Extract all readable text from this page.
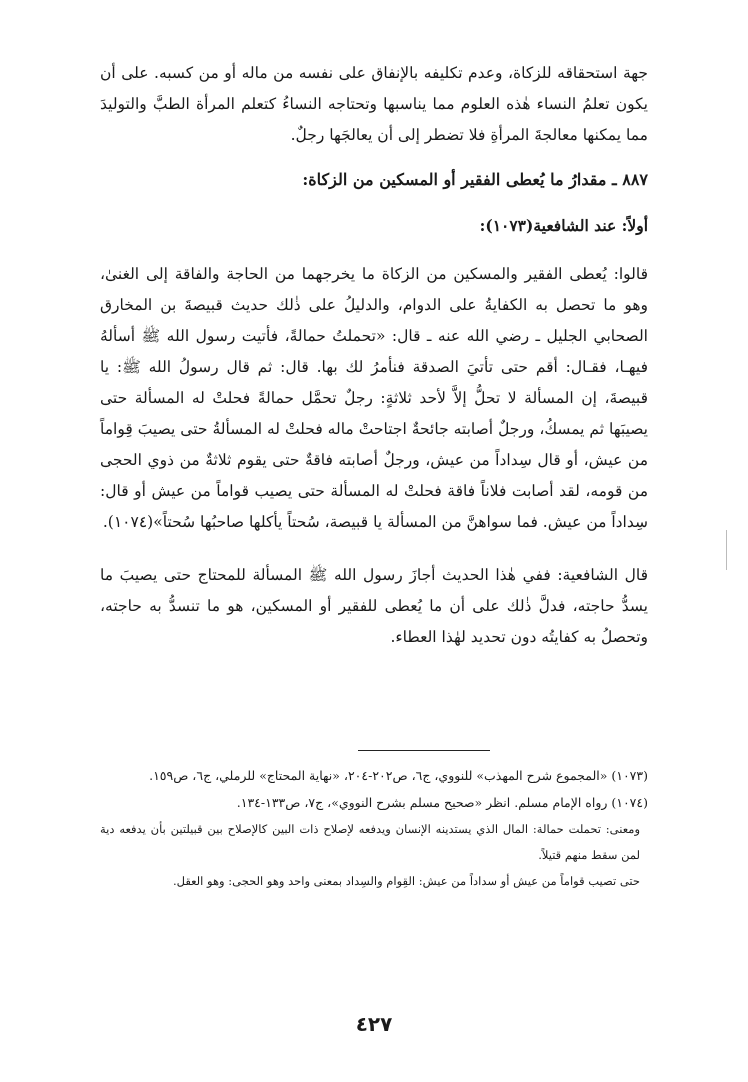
جهة استحقاقه للزكاة، وعدم تكليفه بالإنفاق على نفسه من ماله أو من كسبه. على أن يكون تعلمُ النساء هٰذه العلوم مما يناسبها وتحتاجه النساءُ كتعلم المرأة الطبَّ والتوليدَ مما يمكنها معالجةَ المرأةِ فلا تضطر إلى أن يعالجَها رجلٌ.

٨٨٧ ـ مقدارُ ما يُعطى الفقير أو المسكين من الزكاة:

أولاً: عند الشافعية(١٠٧٣):

قالوا: يُعطى الفقير والمسكين من الزكاة ما يخرجهما من الحاجة والفاقة إلى الغنىٰ، وهو ما تحصل به الكفايةُ على الدوام، والدليلُ على ذٰلك حديث قبيصةَ بن المخارق الصحابي الجليل ـ رضي الله عنه ـ قال: «تحملتُ حمالةً، فأتيت رسول الله ﷺ أسألهُ فيهـا، فقـال: أقم حتى تأتيَ الصدقة فنأمرُ لك بها. قال: ثم قال رسولُ الله ﷺ: يا قبيصةَ، إن المسألة لا تحلُّ إلاَّ لأحد ثلاثةٍ: رجلٌ تحمَّل حمالةً فحلتْ له المسألة حتى يصيبَها ثم يمسكُ، ورجلٌ أصابته جائحةٌ اجتاحتْ ماله فحلتْ له المسألةُ حتى يصيبَ قِواماً من عيش، أو قال سِداداً من عيش، ورجلٌ أصابته فاقةٌ حتى يقوم ثلاثةٌ من ذوي الحجى من قومه، لقد أصابت فلاناً فاقة فحلتْ له المسألة حتى يصيب قواماً من عيش أو قال: سِداداً من عيش. فما سواهنَّ من المسألة يا قبيصة، سُحتاً يأكلها صاحبُها سُحتاً»(١٠٧٤).

قال الشافعية: ففي هٰذا الحديث أجازَ رسول الله ﷺ المسألة للمحتاج حتى يصيبَ ما يسدُّ حاجته، فدلَّ ذٰلك على أن ما يُعطى للفقير أو المسكين، هو ما تنسدُّ به حاجته، وتحصلُ به كفايتُه دون تحديد لهٰذا العطاء.

(١٠٧٣) «المجموع شرح المهذب» للنووي، ج٦، ص٢٠٢-٢٠٤، «نهاية المحتاج» للرملي، ج٦، ص١٥٩.

(١٠٧٤) رواه الإمام مسلم. انظر «صحيح مسلم بشرح النووي»، ج٧، ص١٣٣-١٣٤.

ومعنى: تحملت حمالة: المال الذي يستدينه الإنسان ويدفعه لإصلاح ذات البين كالإصلاح بين قبيلتين بأن يدفعه دية لمن سقط منهم قتيلاً.

حتى تصيب قواماً من عيش أو سداداً من عيش: القِوام والسِداد بمعنى واحد وهو الحجى: وهو العقل.

٤٢٧
